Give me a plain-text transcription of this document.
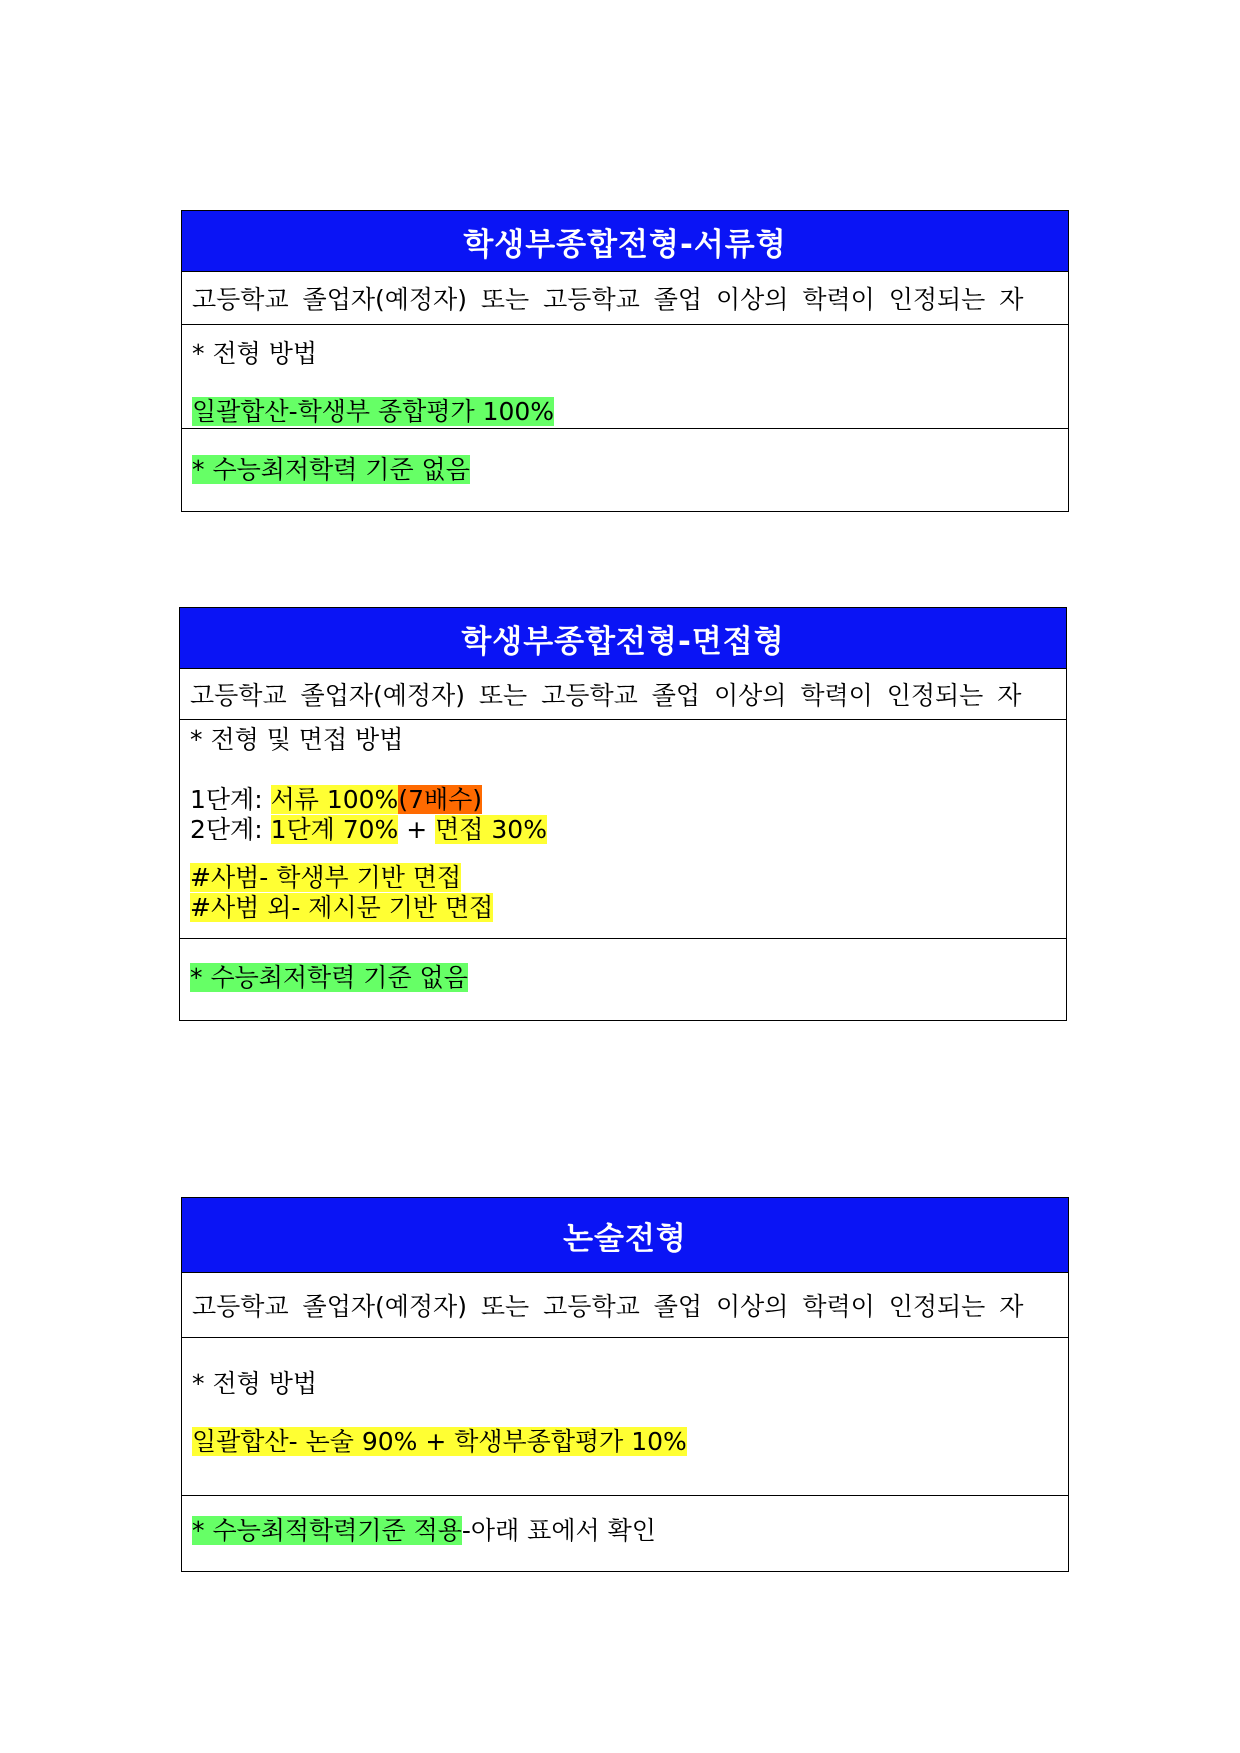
학생부종합전형-서류형
고등학교 졸업자(예정자) 또는 고등학교 졸업 이상의 학력이 인정되는 자
* 전형 방법
일괄합산-학생부 종합평가 100%
* 수능최저학력 기준 없음
학생부종합전형-면접형
고등학교 졸업자(예정자) 또는 고등학교 졸업 이상의 학력이 인정되는 자
* 전형 및 면접 방법
1단계: 서류 100%(7배수)
2단계: 1단계 70% + 면접 30%
#사범- 학생부 기반 면접
#사범 외- 제시문 기반 면접
* 수능최저학력 기준 없음
논술전형
고등학교 졸업자(예정자) 또는 고등학교 졸업 이상의 학력이 인정되는 자
* 전형 방법
일괄합산- 논술 90% + 학생부종합평가 10%
* 수능최적학력기준 적용-아래 표에서 확인
